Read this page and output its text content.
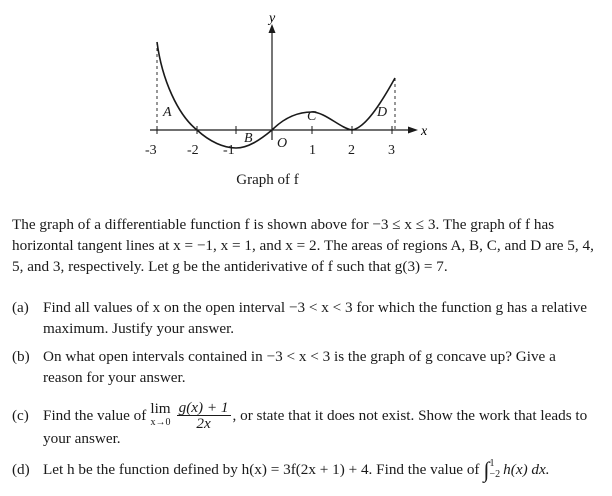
y
x
-3 -2 -1	1 2 3
O
A
B
C	D
Graph of f

The graph of a differentiable function f is shown above for −3 ≤ x ≤ 3. The graph of f has

horizontal tangent lines at x = −1, x = 1, and x = 2. The areas of regions A, B, C, and D are 5, 4,

5, and 3, respectively. Let g be the antiderivative of f such that g(3) = 7.

(a) Find all values of x on the open interval −3 < x < 3 for which the function g has a relative

maximum. Justify your answer.

(b) On what open intervals contained in −3 < x < 3 is the graph of g concave up? Give a

reason for your answer.

(c) Find the value of lim
$x\to 0 \frac{g(x) + 1}{2x}$ , or state that it does not exist. Show the work that leads to

your answer.

(d) Let h be the function defined by h(x) = 3f(2x + 1) + 4. Find the value of ∫ 1
−2 h(x) dx.
